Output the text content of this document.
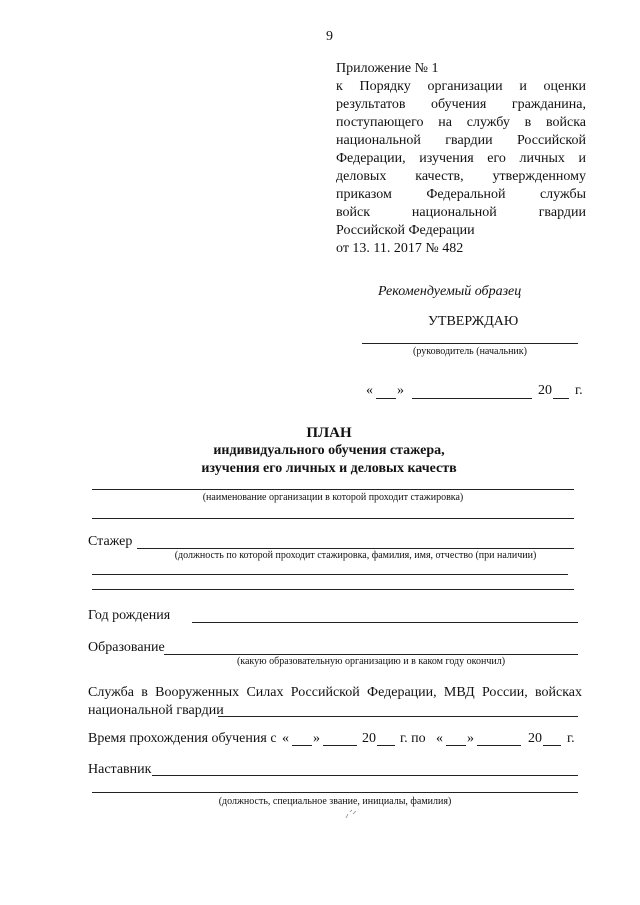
9
Приложение № 1
к Порядку организации и оценки
результатов обучения гражданина,
поступающего на службу в войска
национальной гвардии Российской
Федерации, изучения его личных и
деловых качеств, утвержденному
приказом Федеральной службы
войск национальной гвардии
Российской Федерации
от 13. 11. 2017 № 482
Рекомендуемый образец
УТВЕРЖДАЮ
(руководитель (начальник)
« »	20 г.
ПЛАН
индивидуального обучения стажера,
изучения его личных и деловых качеств
(наименование организации в которой проходит стажировка)
Стажер
(должность по которой проходит стажировка, фамилия, имя, отчество (при наличии)
Год рождения
Образование
(какую образовательную организацию и в каком году окончил)
Служба в Вооруженных Силах Российской Федерации, МВД России, войсках
национальной гвардии
Время прохождения обучения с « »	20 г. по « »	20 г.
Наставник
(должность, специальное звание, инициалы, фамилия)
